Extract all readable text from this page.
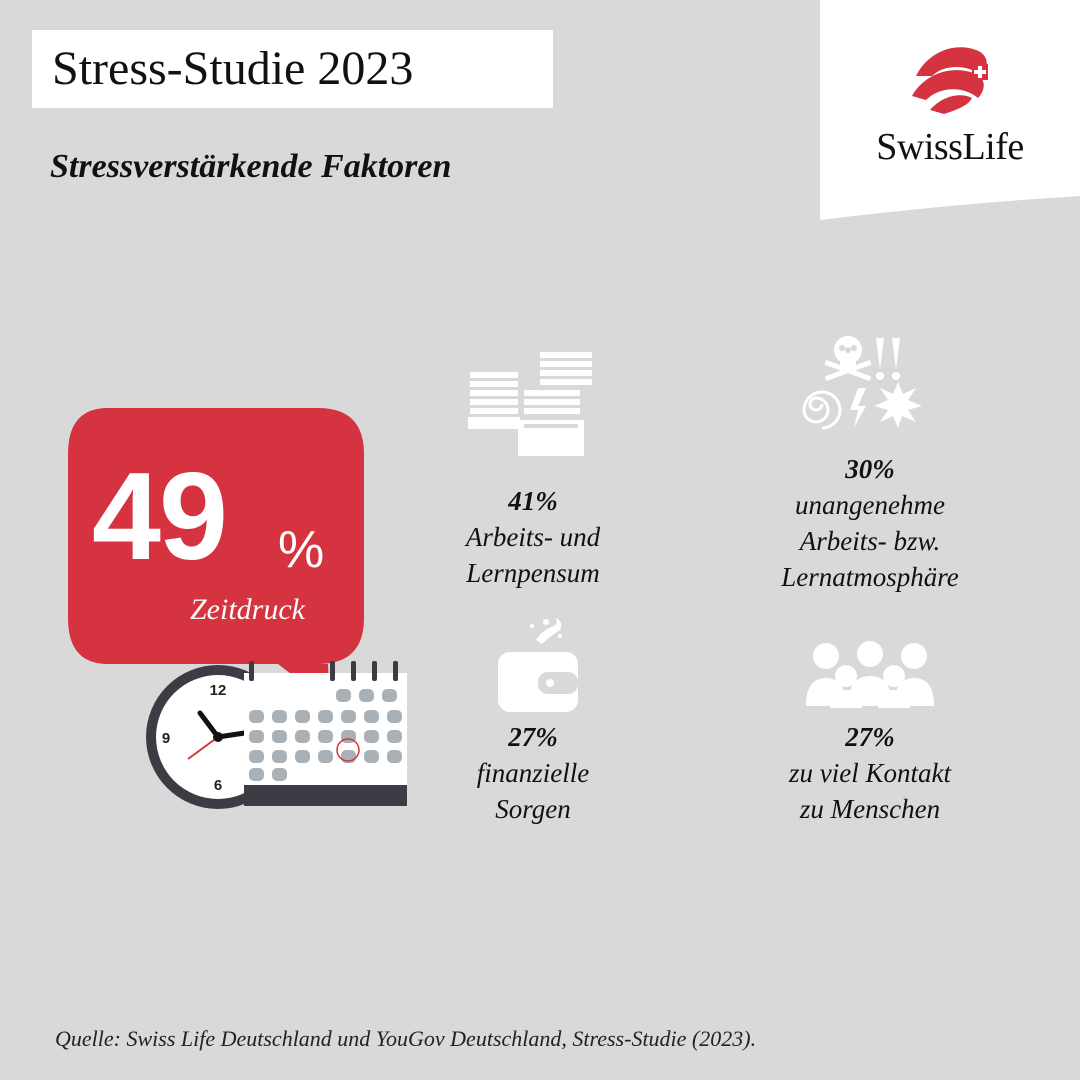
Stress-Studie 2023
Stressverstärkende Faktoren	SwissLife
49 %
Zeitdruck
12
6
9
41%
Arbeits- und
Lernpensum
30%
unangenehme
Arbeits- bzw.
Lernatmosphäre
27%
finanzielle
Sorgen
27%
zu viel Kontakt
zu Menschen
Quelle: Swiss Life Deutschland und YouGov Deutschland, Stress-Studie (2023).
